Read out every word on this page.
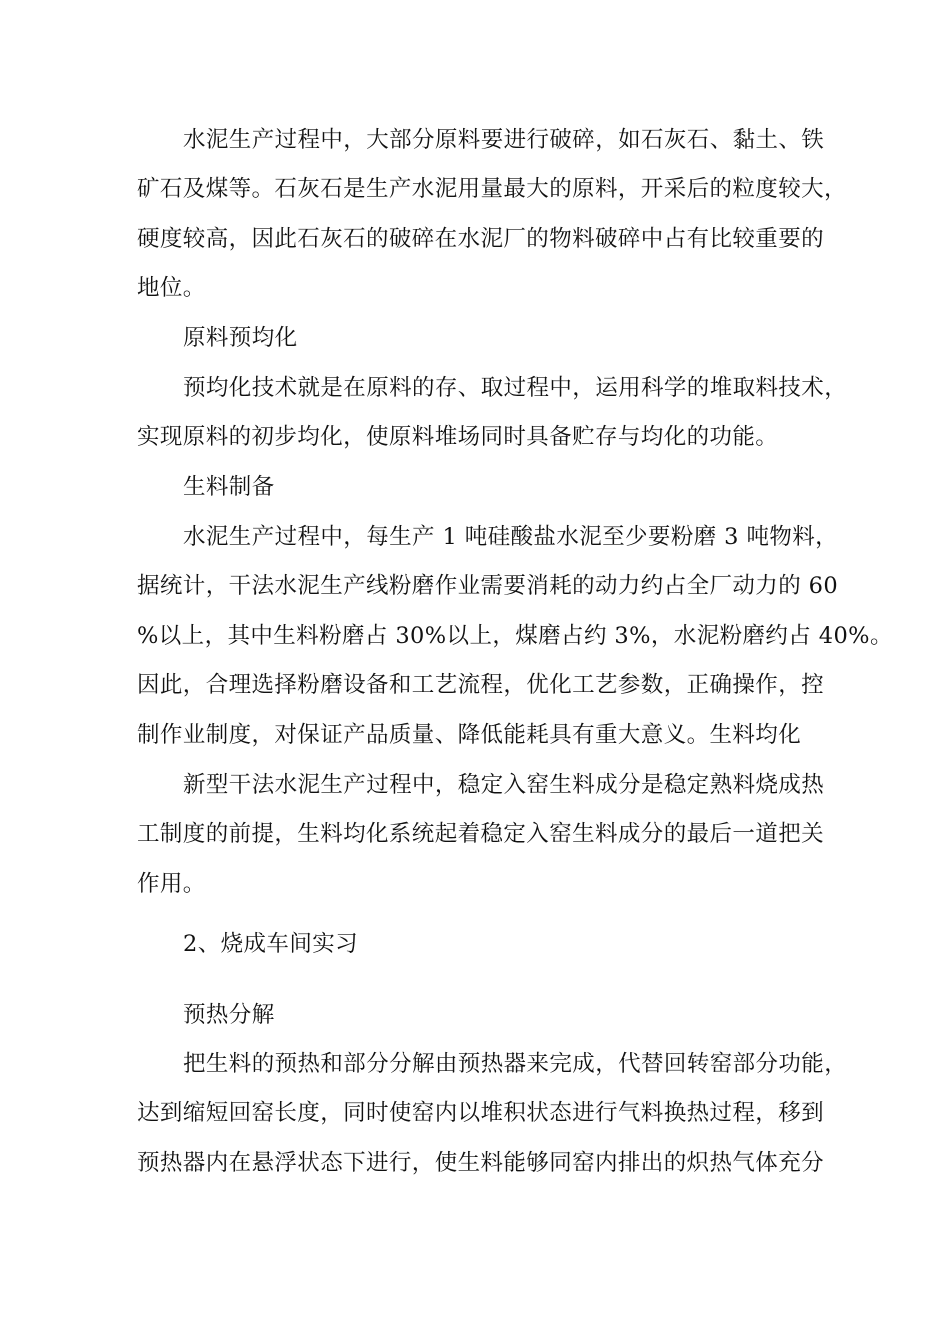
水泥生产过程中，大部分原料要进行破碎，如石灰石、黏土、铁

矿石及煤等。石灰石是生产水泥用量最大的原料，开采后的粒度较大，

硬度较高，因此石灰石的破碎在水泥厂的物料破碎中占有比较重要的

地位。

原料预均化

预均化技术就是在原料的存、取过程中，运用科学的堆取料技术，

实现原料的初步均化，使原料堆场同时具备贮存与均化的功能。

生料制备

水泥生产过程中，每生产 1 吨硅酸盐水泥至少要粉磨 3 吨物料，

据统计，干法水泥生产线粉磨作业需要消耗的动力约占全厂动力的 60

%以上，其中生料粉磨占 30%以上，煤磨占约 3%，水泥粉磨约占 40%。

因此，合理选择粉磨设备和工艺流程，优化工艺参数，正确操作，控

制作业制度，对保证产品质量、降低能耗具有重大意义。生料均化

新型干法水泥生产过程中，稳定入窑生料成分是稳定熟料烧成热

工制度的前提，生料均化系统起着稳定入窑生料成分的最后一道把关

作用。

2、烧成车间实习

预热分解

把生料的预热和部分分解由预热器来完成，代替回转窑部分功能，

达到缩短回窑长度，同时使窑内以堆积状态进行气料换热过程，移到

预热器内在悬浮状态下进行，使生料能够同窑内排出的炽热气体充分
